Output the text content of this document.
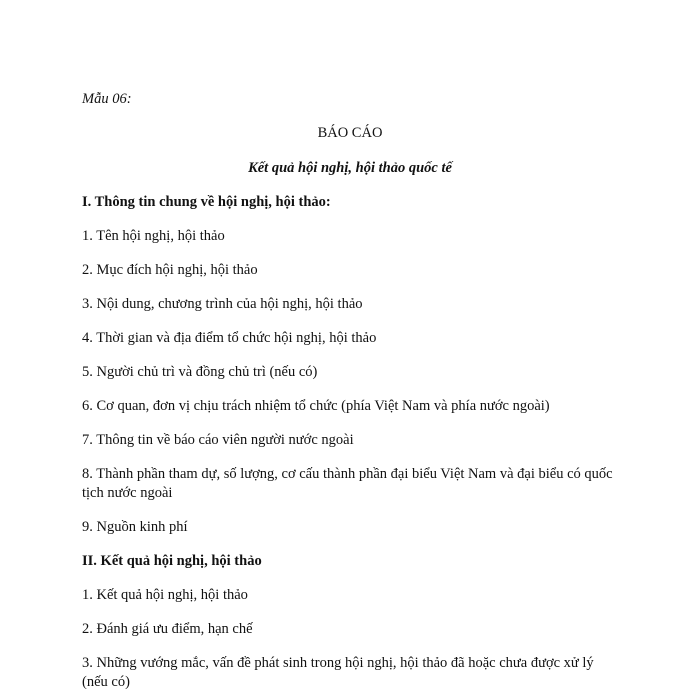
Mẫu 06:
BÁO CÁO
Kết quả hội nghị, hội thảo quốc tế
I. Thông tin chung về hội nghị, hội thảo:
1. Tên hội nghị, hội thảo
2. Mục đích hội nghị, hội thảo
3. Nội dung, chương trình của hội nghị, hội thảo
4. Thời gian và địa điểm tổ chức hội nghị, hội thảo
5. Người chủ trì và đồng chủ trì (nếu có)
6. Cơ quan, đơn vị chịu trách nhiệm tổ chức (phía Việt Nam và phía nước ngoài)
7. Thông tin về báo cáo viên người nước ngoài
8. Thành phần tham dự, số lượng, cơ cấu thành phần đại biểu Việt Nam và đại biểu có quốc tịch nước ngoài
9. Nguồn kinh phí
II. Kết quả hội nghị, hội thảo
1. Kết quả hội nghị, hội thảo
2. Đánh giá ưu điểm, hạn chế
3. Những vướng mắc, vấn đề phát sinh trong hội nghị, hội thảo đã hoặc chưa được xử lý (nếu có)
